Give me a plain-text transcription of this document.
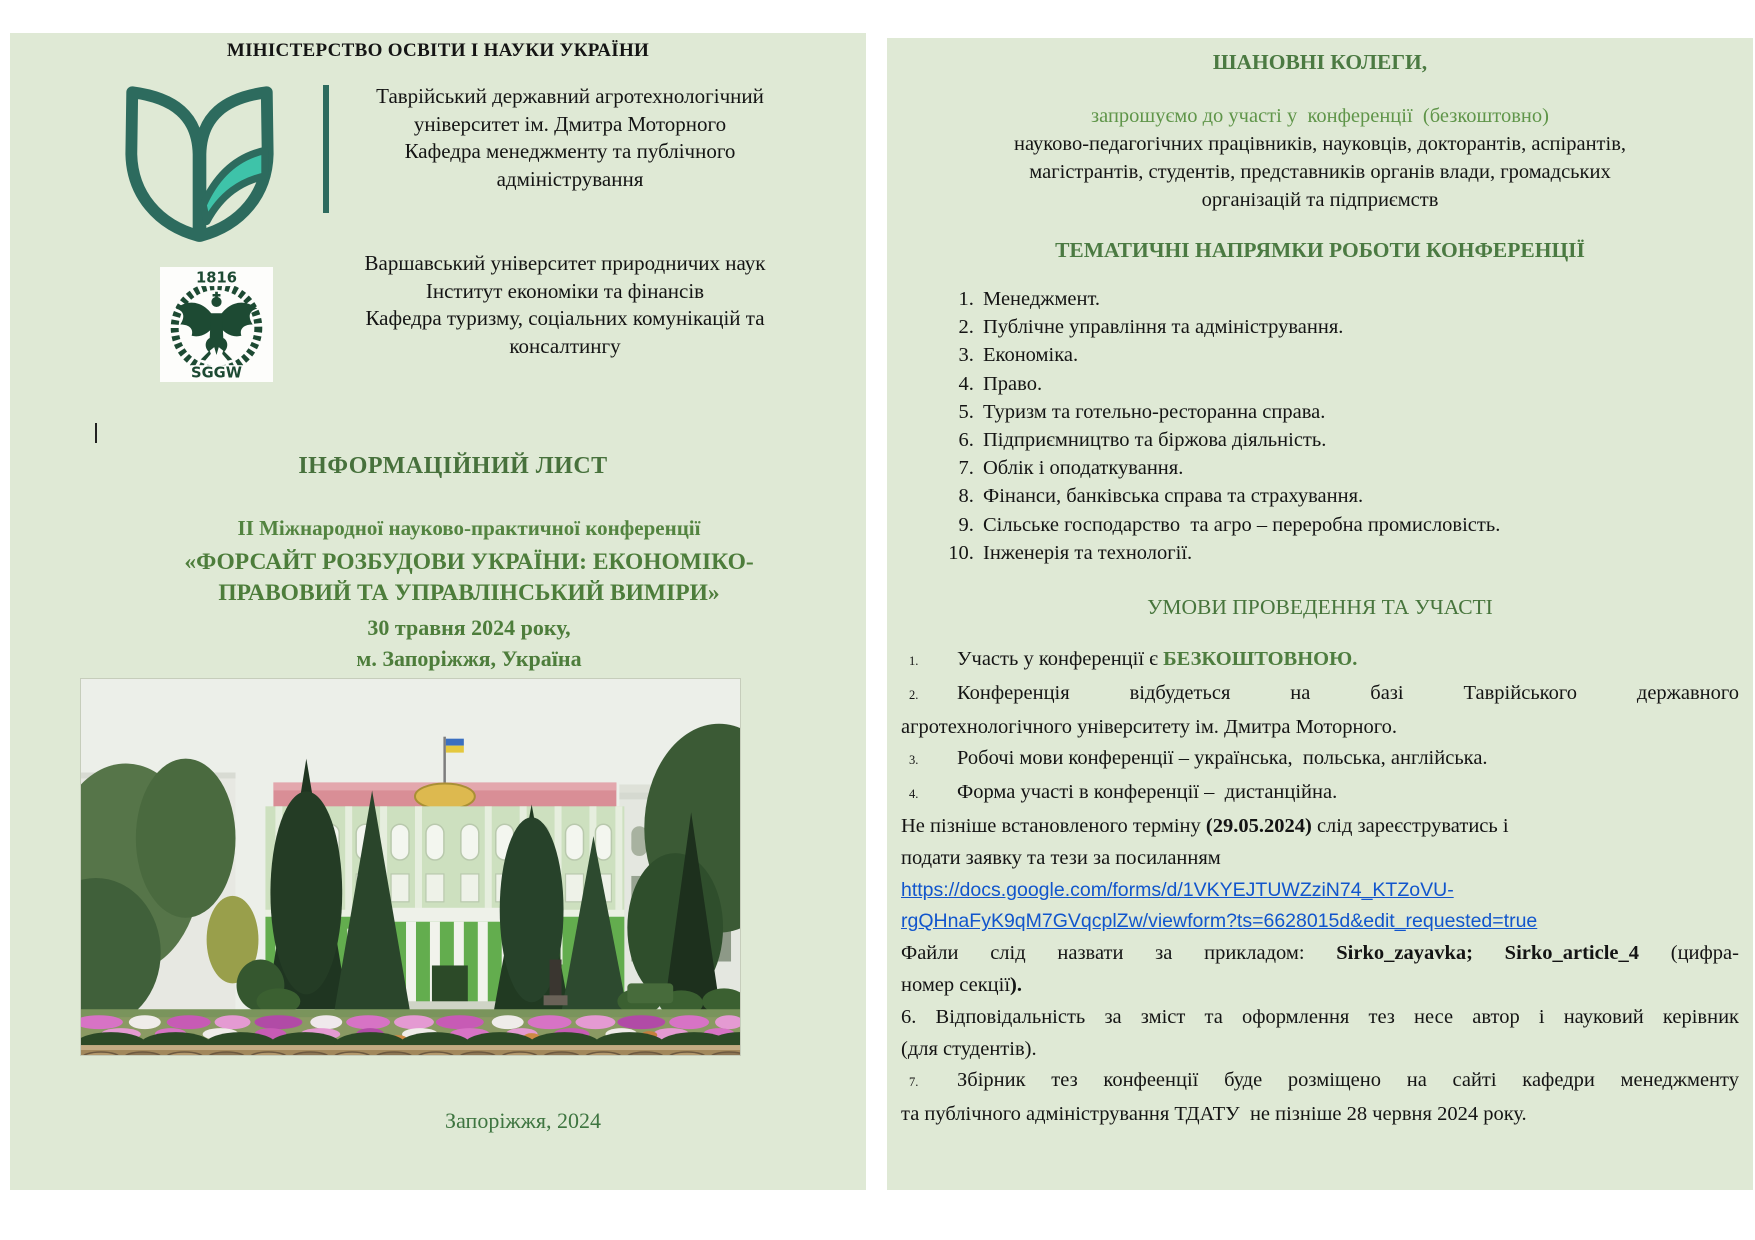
МІНІСТЕРСТВО ОСВІТИ І НАУКИ УКРАЇНИ
Таврійський державний агротехнологічний
університет ім. Дмитра Моторного
Кафедра менеджменту та публічного
адміністрування
1816
SGGW
Варшавський університет природничих наук
Інститут економіки та фінансів
Кафедра туризму, соціальних комунікацій та
консалтингу
ІНФОРМАЦІЙНИЙ ЛИСТ
ІІ Міжнародної науково-практичної конференції
«ФОРСАЙТ РОЗБУДОВИ УКРАЇНИ: ЕКОНОМІКО-
ПРАВОВИЙ ТА УПРАВЛІНСЬКИЙ ВИМІРИ»
30 травня 2024 року,
м. Запоріжжя, Україна
Запоріжжя, 2024
ШАНОВНІ КОЛЕГИ,
запрошуємо до участі у  конференції  (безкоштовно)
науково-педагогічних працівників, науковців, докторантів, аспірантів,
магістрантів, студентів, представників органів влади, громадських
організацій та підприємств
ТЕМАТИЧНІ НАПРЯМКИ РОБОТИ КОНФЕРЕНЦІЇ
1. Менеджмент.
2. Публічне управління та адміністрування.
3. Економіка.
4. Право.
5. Туризм та готельно-ресторанна справа.
6. Підприємництво та біржова діяльність.
7. Облік і оподаткування.
8. Фінанси, банківська справа та страхування.
9. Сільське господарство  та агро – переробна промисловість.
10. Інженерія та технології.
УМОВИ ПРОВЕДЕННЯ ТА УЧАСТІ
1. Участь у конференції є БЕЗКОШТОВНОЮ.
2. Конференція відбудеться на базі Таврійського державного
агротехнологічного університету ім. Дмитра Моторного.
3. Робочі мови конференції – українська,  польська, англійська.
4. Форма участі в конференції –  дистанційна.
Не пізніше встановленого терміну (29.05.2024) слід зареєструватись і
подати заявку та тези за посиланням
https://docs.google.com/forms/d/1VKYEJTUWZziN74_KTZoVU-
rgQHnaFyK9qM7GVqcplZw/viewform?ts=6628015d&edit_requested=true
Файли слід назвати за прикладом: Sirko_zayavka; Sirko_article_4 (цифра-
номер секції).
6. Відповідальність за зміст та оформлення тез несе автор і науковий керівник
(для студентів).
7. Збірник тез конфеенції буде розміщено на сайті кафедри менеджменту
та публічного адміністрування ТДАТУ  не пізніше 28 червня 2024 року.
